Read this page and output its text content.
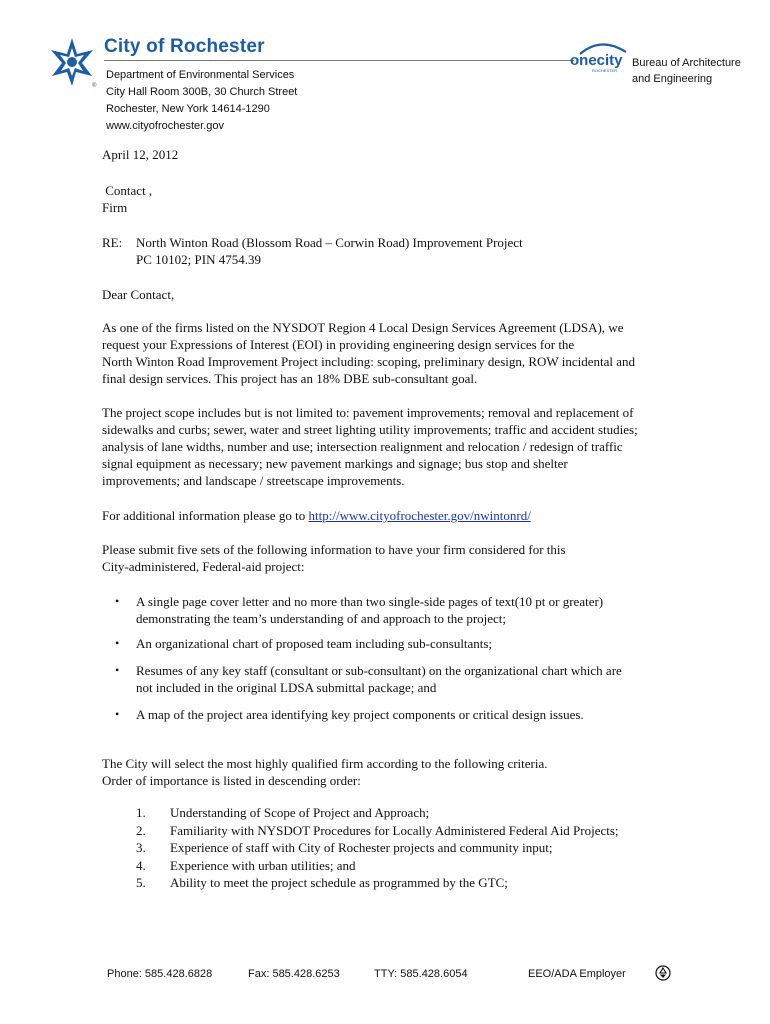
®
City of Rochester
Department of Environmental Services
City Hall Room 300B, 30 Church Street
Rochester, New York 14614-1290
www.cityofrochester.gov
onecity
ROCHESTER
Bureau of Architecture
and Engineering
April 12, 2012
Contact ,
Firm
RE: North Winton Road (Blossom Road – Corwin Road) Improvement Project
PC 10102; PIN 4754.39
Dear Contact,
As one of the firms listed on the NYSDOT Region 4 Local Design Services Agreement (LDSA), we
request your Expressions of Interest (EOI) in providing engineering design services for the
North Winton Road Improvement Project including: scoping, preliminary design, ROW incidental and
final design services. This project has an 18% DBE sub-consultant goal.
The project scope includes but is not limited to: pavement improvements; removal and replacement of
sidewalks and curbs; sewer, water and street lighting utility improvements; traffic and accident studies;
analysis of lane widths, number and use; intersection realignment and relocation / redesign of traffic
signal equipment as necessary; new pavement markings and signage; bus stop and shelter
improvements; and landscape / streetscape improvements.
For additional information please go to http://www.cityofrochester.gov/nwintonrd/
Please submit five sets of the following information to have your firm considered for this
City-administered, Federal-aid project:
• A single page cover letter and no more than two single-side pages of text(10 pt or greater)
demonstrating the team’s understanding of and approach to the project;
• An organizational chart of proposed team including sub-consultants;
• Resumes of any key staff (consultant or sub-consultant) on the organizational chart which are
not included in the original LDSA submittal package; and
• A map of the project area identifying key project components or critical design issues.
The City will select the most highly qualified firm according to the following criteria.
Order of importance is listed in descending order:
1. Understanding of Scope of Project and Approach;
2. Familiarity with NYSDOT Procedures for Locally Administered Federal Aid Projects;
3. Experience of staff with City of Rochester projects and community input;
4. Experience with urban utilities; and
5. Ability to meet the project schedule as programmed by the GTC;
Phone: 585.428.6828	Fax: 585.428.6253	TTY: 585.428.6054	EEO/ADA Employer
